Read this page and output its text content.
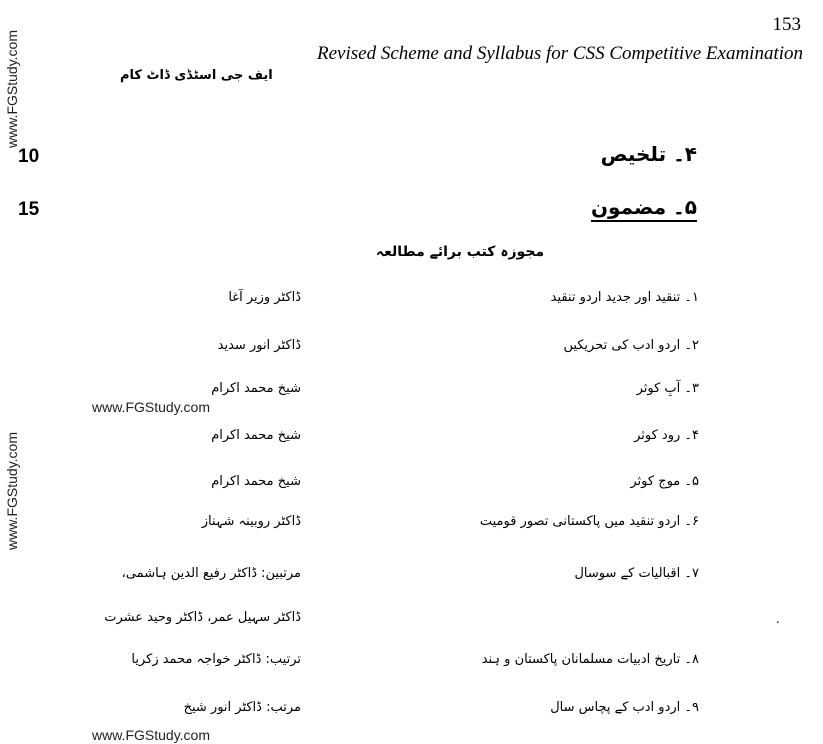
153
Revised Scheme and Syllabus for CSS Competitive Examination
www.FGStudy.com
www.FGStudy.com
www.FGStudy.com
www.FGStudy.com
ایف جی اسٹڈی ڈاٹ کام
10	۴۔ تلخیص
15	۵۔ مضمون
مجوزہ کتب برائے مطالعہ
۱۔ تنقید اور جدید اردو تنقید
ڈاکٹر وزیر آغا
۲۔ اردو ادب کی تحریکیں
ڈاکٹر انور سدید
۳۔ آبِ کوثر
شیخ محمد اکرام
۴۔ رود کوثر
شیخ محمد اکرام
۵۔ موج کوثر
شیخ محمد اکرام
۶۔ اردو تنقید میں پاکستانی تصور قومیت
ڈاکٹر روبینہ شہناز
۷۔ اقبالیات کے سوسال
مرتبین: ڈاکٹر رفیع الدین ہاشمی،
ڈاکٹر سہیل عمر، ڈاکٹر وحید عشرت
۸۔ تاریخ ادبیات مسلمانان پاکستان و ہند
ترتیب: ڈاکٹر خواجہ محمد زکریا
۹۔ اردو ادب کے پچاس سال
مرتب: ڈاکٹر انور شیخ
.
